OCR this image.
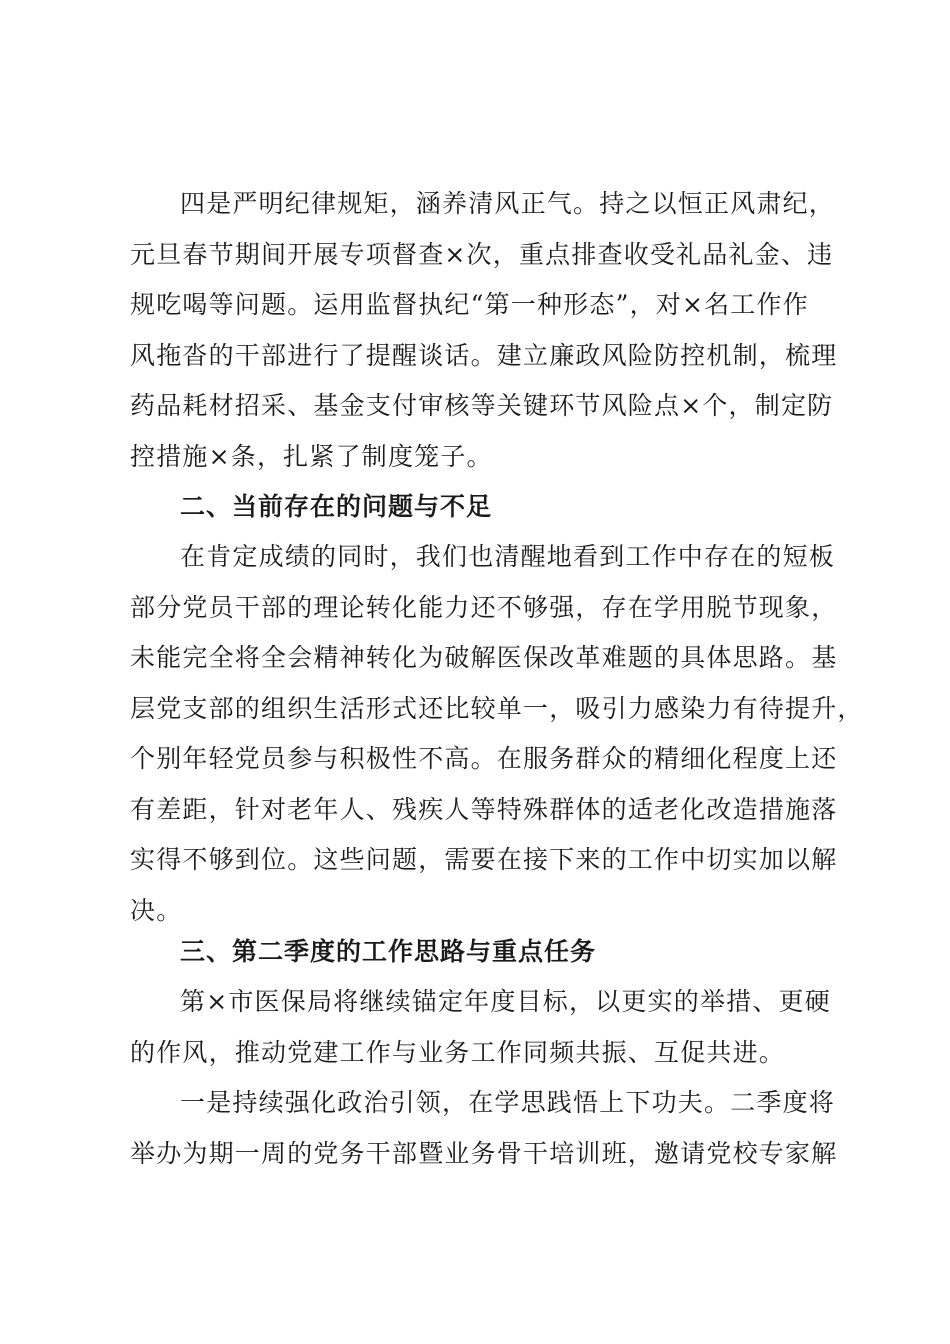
四是严明纪律规矩，涵养清风正气。持之以恒正风肃纪，
元旦春节期间开展专项督查×次，重点排查收受礼品礼金、违
规吃喝等问题。运用监督执纪“第一种形态”，对×名工作作
风拖沓的干部进行了提醒谈话。建立廉政风险防控机制，梳理
药品耗材招采、基金支付审核等关键环节风险点×个，制定防
控措施×条，扎紧了制度笼子。
二、当前存在的问题与不足
在肯定成绩的同时，我们也清醒地看到工作中存在的短板
部分党员干部的理论转化能力还不够强，存在学用脱节现象，
未能完全将全会精神转化为破解医保改革难题的具体思路。基
层党支部的组织生活形式还比较单一，吸引力感染力有待提升，
个别年轻党员参与积极性不高。在服务群众的精细化程度上还
有差距，针对老年人、残疾人等特殊群体的适老化改造措施落
实得不够到位。这些问题，需要在接下来的工作中切实加以解
决。
三、第二季度的工作思路与重点任务
第×市医保局将继续锚定年度目标，以更实的举措、更硬
的作风，推动党建工作与业务工作同频共振、互促共进。
一是持续强化政治引领，在学思践悟上下功夫。二季度将
举办为期一周的党务干部暨业务骨干培训班，邀请党校专家解
